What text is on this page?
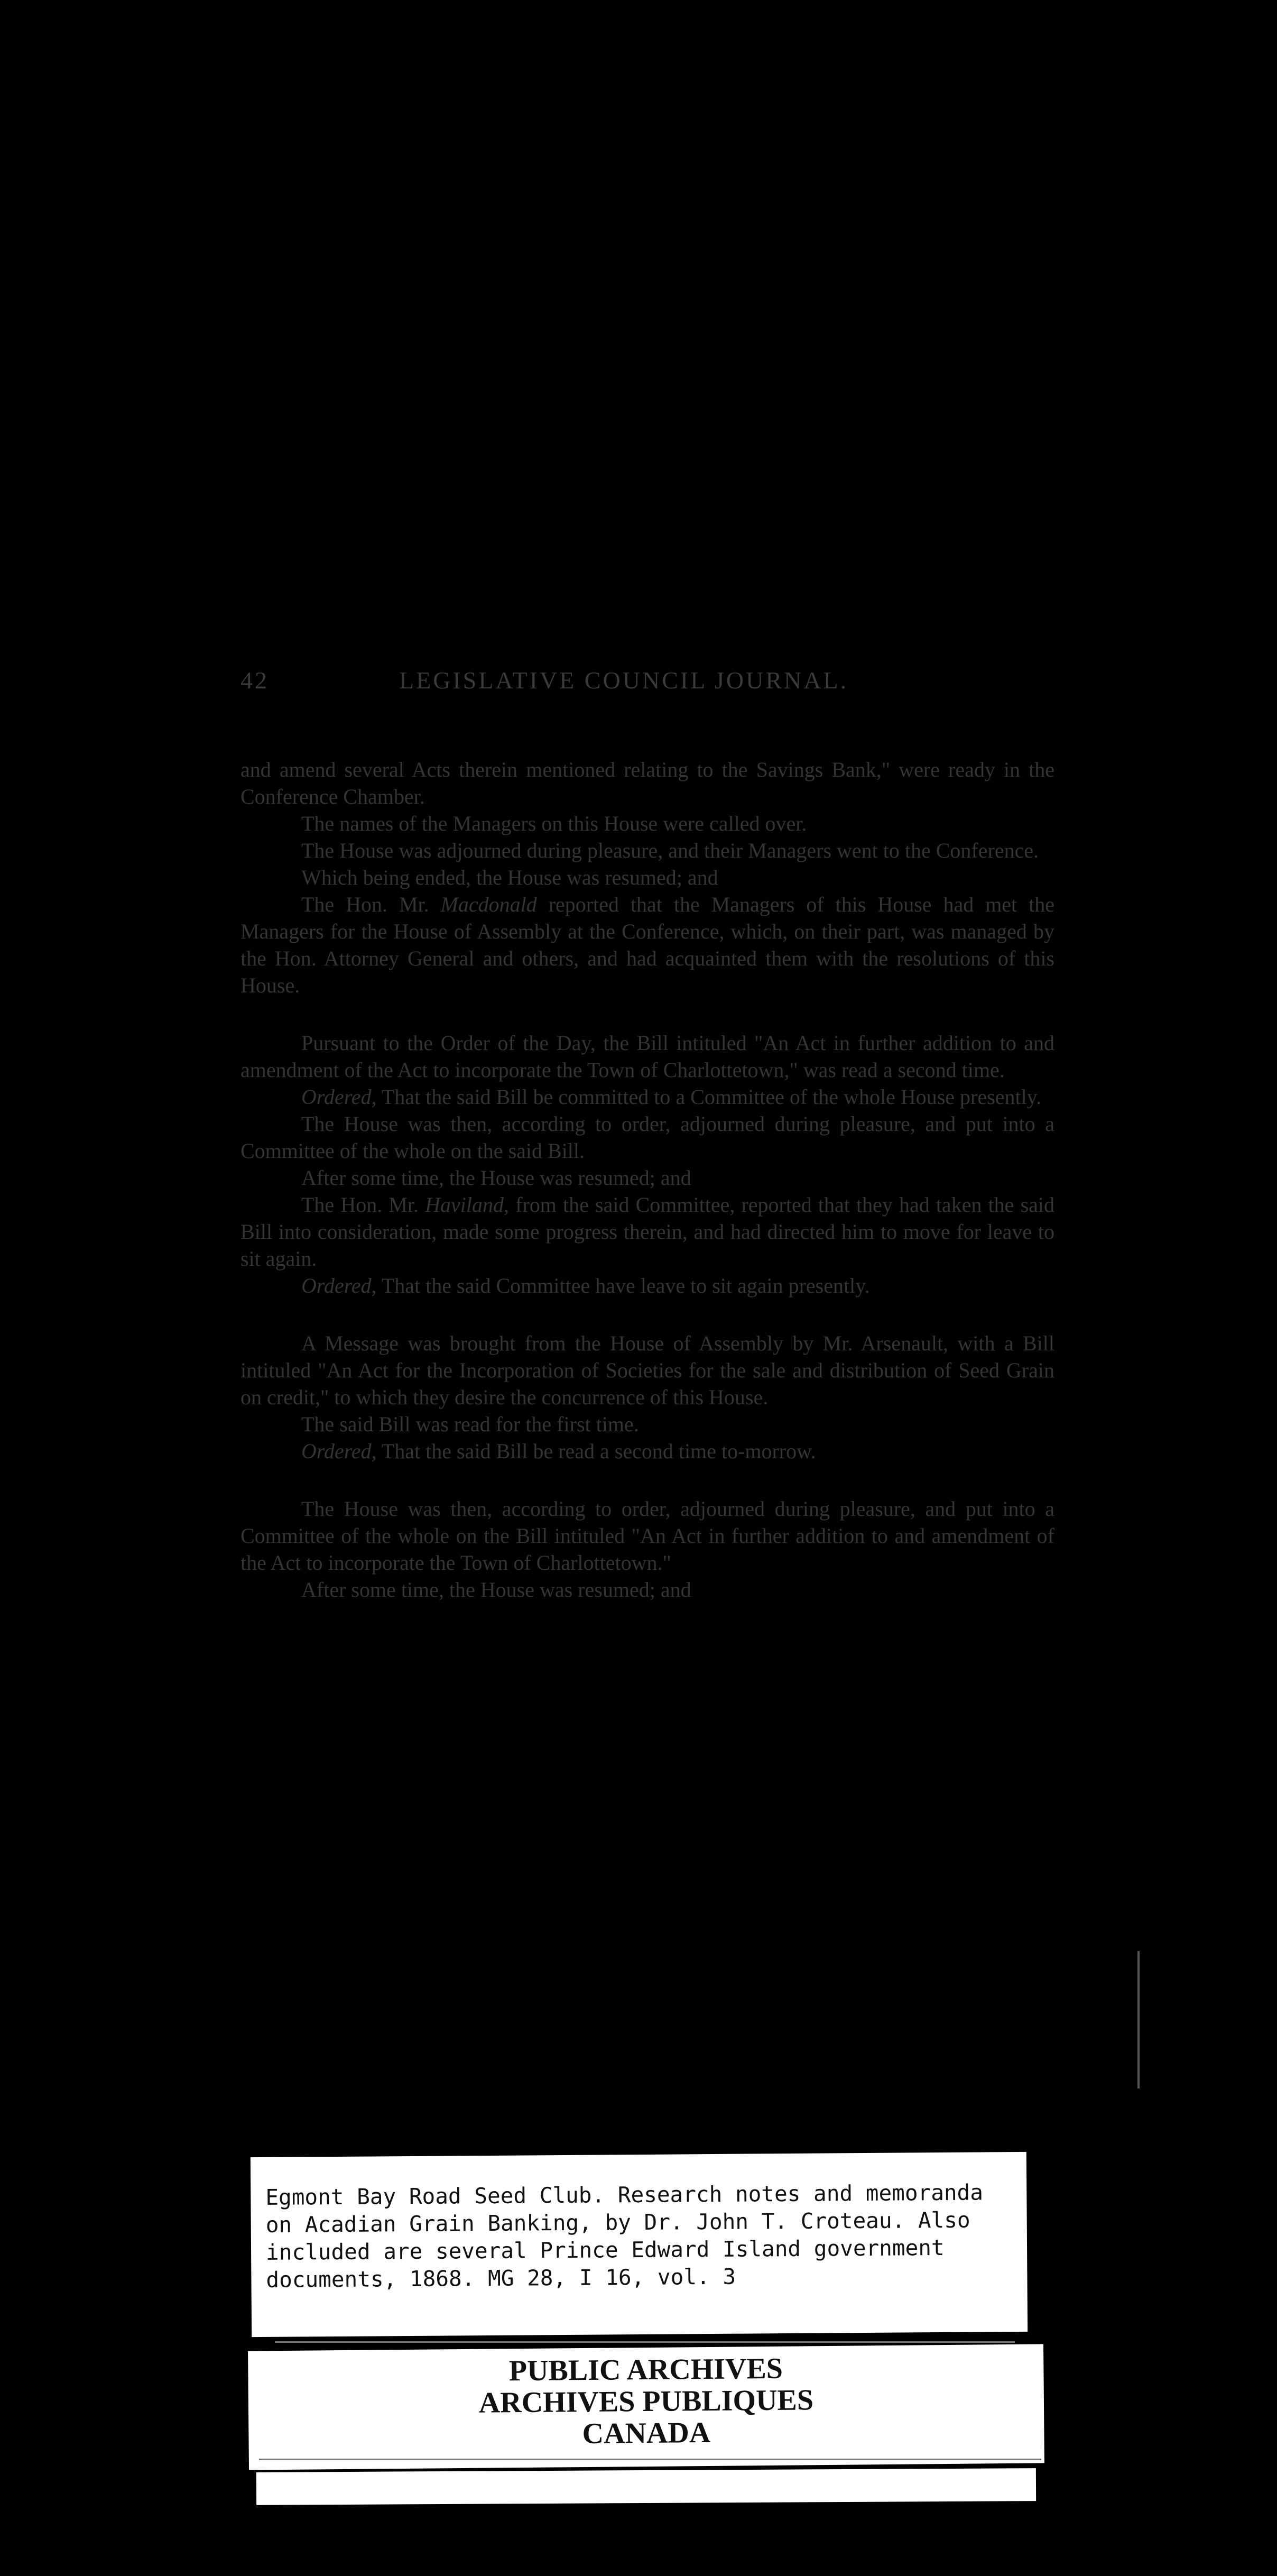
42	LEGISLATIVE COUNCIL JOURNAL.

and amend several Acts therein mentioned relating to the Savings Bank," were ready in the Conference Chamber.

The names of the Managers on this House were called over.

The House was adjourned during pleasure, and their Managers went to the Conference.

Which being ended, the House was resumed; and

The Hon. Mr. Macdonald reported that the Managers of this House had met the Managers for the House of Assembly at the Conference, which, on their part, was managed by the Hon. Attorney General and others, and had acquainted them with the resolutions of this House.

Pursuant to the Order of the Day, the Bill intituled "An Act in further addition to and amendment of the Act to incorporate the Town of Charlottetown," was read a second time.

Ordered, That the said Bill be committed to a Committee of the whole House presently.

The House was then, according to order, adjourned during pleasure, and put into a Committee of the whole on the said Bill.

After some time, the House was resumed; and

The Hon. Mr. Haviland, from the said Committee, reported that they had taken the said Bill into consideration, made some progress therein, and had directed him to move for leave to sit again.

Ordered, That the said Committee have leave to sit again presently.

A Message was brought from the House of Assembly by Mr. Arsenault, with a Bill intituled "An Act for the Incorporation of Societies for the sale and distribution of Seed Grain on credit," to which they desire the concurrence of this House.

The said Bill was read for the first time.

Ordered, That the said Bill be read a second time to-morrow.

The House was then, according to order, adjourned during pleasure, and put into a Committee of the whole on the Bill intituled "An Act in further addition to and amendment of the Act to incorporate the Town of Charlottetown."

After some time, the House was resumed; and

Egmont Bay Road Seed Club. Research notes and memoranda
on Acadian Grain Banking, by Dr. John T. Croteau. Also
included are several Prince Edward Island government
documents, 1868. MG 28, I 16, vol. 3
PUBLIC ARCHIVES
ARCHIVES PUBLIQUES
CANADA
